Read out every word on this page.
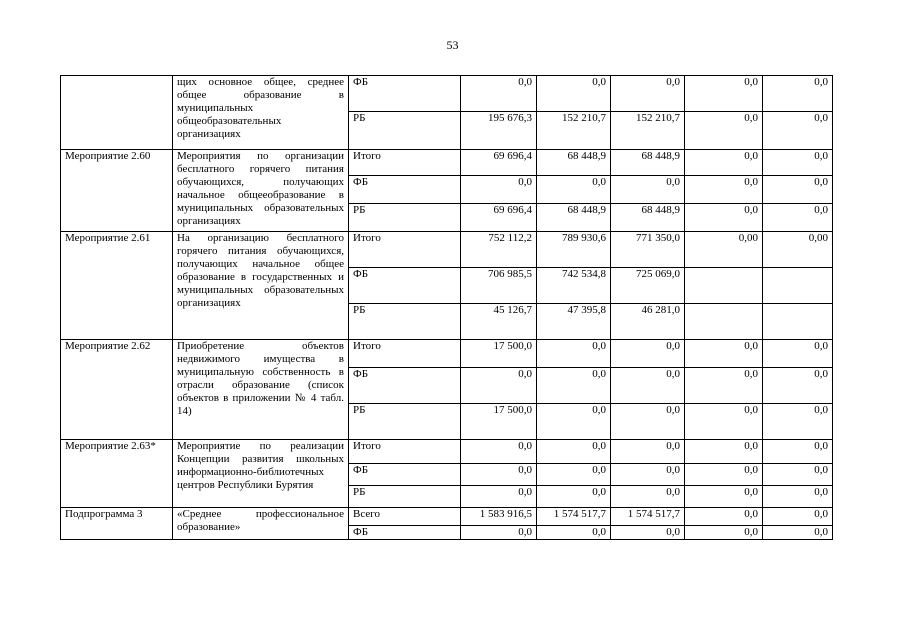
53
	щих основное общее, среднее общее образование в муниципальных общеобразовательных организациях	ФБ	0,0	0,0	0,0	0,0	0,0
		РБ	195 676,3	152 210,7	152 210,7	0,0	0,0
Мероприятие 2.60	Мероприятия по организации бесплатного горячего питания обучающихся, получающих начальное общееобразование в муниципальных образовательных организациях	Итого	69 696,4	68 448,9	68 448,9	0,0	0,0
		ФБ	0,0	0,0	0,0	0,0	0,0
		РБ	69 696,4	68 448,9	68 448,9	0,0	0,0
Мероприятие 2.61	На организацию бесплатного горячего питания обучающихся, получающих начальное общее образование в государственных и муниципальных образовательных организациях	Итого	752 112,2	789 930,6	771 350,0	0,00	0,00
		ФБ	706 985,5	742 534,8	725 069,0		
		РБ	45 126,7	47 395,8	46 281,0		
Мероприятие 2.62	Приобретение объектов недвижимого имущества в муниципальную собственность в отрасли образование (список объектов в приложении № 4 табл. 14)	Итого	17 500,0	0,0	0,0	0,0	0,0
		ФБ	0,0	0,0	0,0	0,0	0,0
		РБ	17 500,0	0,0	0,0	0,0	0,0
Мероприятие 2.63*	Мероприятие по реализации Концепции развития школьных информационно-библиотечных центров Республики Бурятия	Итого	0,0	0,0	0,0	0,0	0,0
		ФБ	0,0	0,0	0,0	0,0	0,0
		РБ	0,0	0,0	0,0	0,0	0,0
Подпрограмма 3	«Среднее профессиональное образование»	Всего	1 583 916,5	1 574 517,7	1 574 517,7	0,0	0,0
		ФБ	0,0	0,0	0,0	0,0	0,0
